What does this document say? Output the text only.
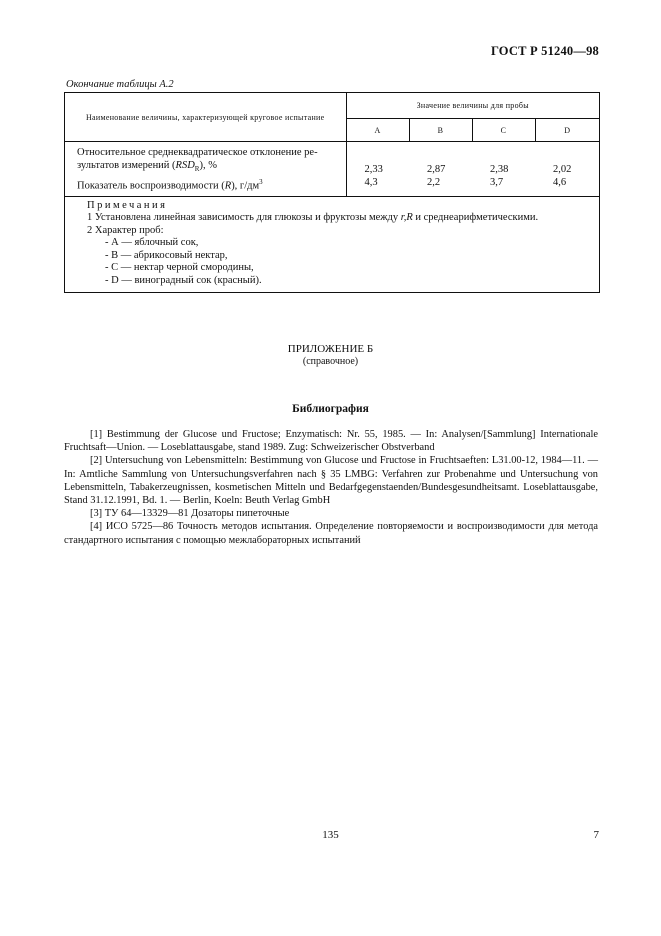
ГОСТ Р 51240—98
Окончание таблицы А.2
Наименование величины, характеризующей круговое испытание	Значение величины для пробы			
	A	B	C	D
Относительное среднеквадратическое отклонение ре-
зультатов измерений $(RSD_R)$, %	2,33	2,87	2,38	2,02
Показатель воспроизводимости (R), $г/дм^3$	4,3	2,2	3,7	4,6
Примечания
1 Установлена линейная зависимость для глюкозы и фруктозы между r,R и среднеарифметическими.
2 Характер проб:
- А — яблочный сок,
- В — абрикосовый нектар,
- С — нектар черной смородины,
- D — виноградный сок (красный).
ПРИЛОЖЕНИЕ Б
(справочное)
Библиография

[1] Bestimmung der Glucose und Fructose; Enzymatisch: Nr. 55, 1985. — In: Analysen/[Sammlung] Internationale Fruchtsaft—Union. — Loseblattausgabe, stand 1989. Zug: Schweizerischer Obstverband

[2] Untersuchung von Lebensmitteln: Bestimmung von Glucose und Fructose in Fruchtsaeften: L31.00-12, 1984—11. — In: Amtliche Sammlung von Untersuchungsverfahren nach § 35 LMBG: Verfahren zur Probenahme und Untersuchung von Lebensmitteln, Tabakerzeugnissen, kosmetischen Mitteln und Bedarfgegenstaenden/Bundesgesundheitsamt. Loseblattausgabe, Stand 31.12.1991, Bd. 1. — Berlin, Koeln: Beuth Verlag GmbH

[3] ТУ 64—13329—81 Дозаторы пипеточные

[4] ИСО 5725—86 Точность методов испытания. Определение повторяемости и воспроизводимости для метода стандартного испытания с помощью межлабораторных испытаний

135	7
